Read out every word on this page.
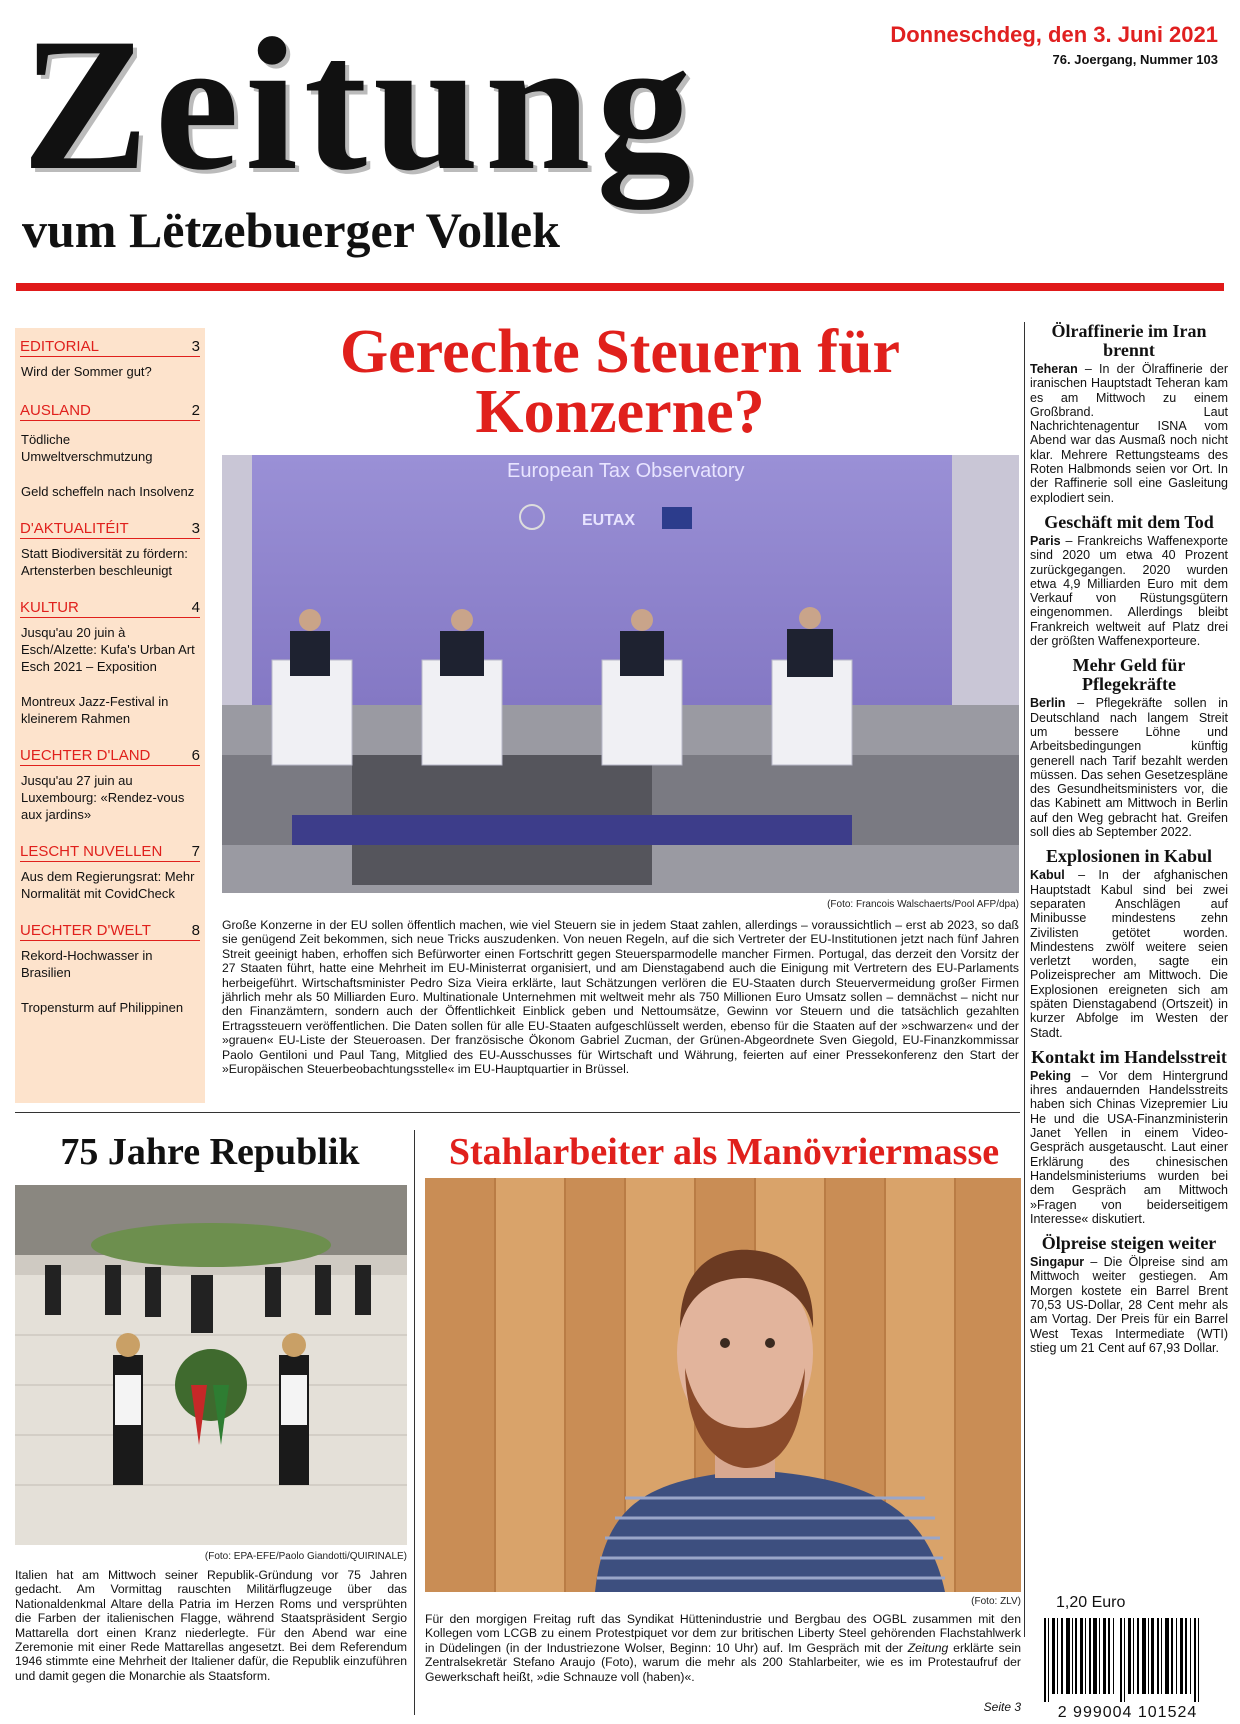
Zeitung
vum Lëtzebuerger Vollek
Donneschdeg, den 3. Juni 2021
76. Joergang, Nummer 103
EDITORIAL	3
Wird der Sommer gut?
AUSLAND	2
Tödliche Umweltverschmutzung
Geld scheffeln nach Insolvenz
D'AKTUALITÉIT	3
Statt Biodiversität zu fördern: Artensterben beschleunigt
KULTUR	4
Jusqu'au 20 juin à Esch/Alzette: Kufa's Urban Art Esch 2021 – Exposition
Montreux Jazz-Festival in kleinerem Rahmen
UECHTER D'LAND	6
Jusqu'au 27 juin au Luxembourg: «Rendez-vous aux jardins»
LESCHT NUVELLEN 7
Aus dem Regierungsrat: Mehr Normalität mit CovidCheck
UECHTER D'WELT	8
Rekord-Hochwasser in Brasilien
Tropensturm auf Philippinen
Gerechte Steuern für Konzerne?
European Tax Observatory
EUTAX
(Foto: Francois Walschaerts/Pool AFP/dpa)
Große Konzerne in der EU sollen öffentlich machen, wie viel Steuern sie in jedem Staat zahlen, allerdings – voraussichtlich – erst ab 2023, so daß sie genügend Zeit bekommen, sich neue Tricks auszudenken. Von neuen Regeln, auf die sich Vertreter der EU-Institutionen jetzt nach fünf Jahren Streit geeinigt haben, erhoffen sich Befürworter einen Fortschritt gegen Steuersparmodelle mancher Firmen. Portugal, das derzeit den Vorsitz der 27 Staaten führt, hatte eine Mehrheit im EU-Ministerrat organisiert, und am Dienstagabend auch die Einigung mit Vertretern des EU-Parlaments herbeigeführt. Wirtschaftsminister Pedro Siza Vieira erklärte, laut Schätzungen verlören die EU-Staaten durch Steuervermeidung großer Firmen jährlich mehr als 50 Milliarden Euro. Multinationale Unternehmen mit weltweit mehr als 750 Millionen Euro Umsatz sollen – demnächst – nicht nur den Finanzämtern, sondern auch der Öffentlichkeit Einblick geben und Nettoumsätze, Gewinn vor Steuern und die tatsächlich gezahlten Ertragssteuern veröffentlichen. Die Daten sollen für alle EU-Staaten aufgeschlüsselt werden, ebenso für die Staaten auf der »schwarzen« und der »grauen« EU-Liste der Steueroasen. Der französische Ökonom Gabriel Zucman, der Grünen-Abgeordnete Sven Giegold, EU-Finanzkommissar Paolo Gentiloni und Paul Tang, Mitglied des EU-Ausschusses für Wirtschaft und Währung, feierten auf einer Pressekonferenz den Start der »Europäischen Steuerbeobachtungsstelle« im EU-Hauptquartier in Brüssel.
Ölraffinerie im Iran brennt

Teheran – In der Ölraffinerie der iranischen Hauptstadt Teheran kam es am Mittwoch zu einem Großbrand. Laut Nachrichtenagentur ISNA vom Abend war das Ausmaß noch nicht klar. Mehrere Rettungsteams des Roten Halbmonds seien vor Ort. In der Raffinerie soll eine Gasleitung explodiert sein.

Geschäft mit dem Tod

Paris – Frankreichs Waffenexporte sind 2020 um etwa 40 Prozent zurückgegangen. 2020 wurden etwa 4,9 Milliarden Euro mit dem Verkauf von Rüstungsgütern eingenommen. Allerdings bleibt Frankreich weltweit auf Platz drei der größten Waffenexporteure.

Mehr Geld für Pflegekräfte

Berlin – Pflegekräfte sollen in Deutschland nach langem Streit um bessere Löhne und Arbeitsbedingungen künftig generell nach Tarif bezahlt werden müssen. Das sehen Gesetzespläne des Gesundheitsministers vor, die das Kabinett am Mittwoch in Berlin auf den Weg gebracht hat. Greifen soll dies ab September 2022.

Explosionen in Kabul

Kabul – In der afghanischen Hauptstadt Kabul sind bei zwei separaten Anschlägen auf Minibusse mindestens zehn Zivilisten getötet worden. Mindestens zwölf weitere seien verletzt worden, sagte ein Polizeisprecher am Mittwoch. Die Explosionen ereigneten sich am späten Dienstagabend (Ortszeit) in kurzer Abfolge im Westen der Stadt.

Kontakt im Handelsstreit

Peking – Vor dem Hintergrund ihres andauernden Handelsstreits haben sich Chinas Vizepremier Liu He und die USA-Finanzministerin Janet Yellen in einem Video-Gespräch ausgetauscht. Laut einer Erklärung des chinesischen Handelsministeriums wurden bei dem Gespräch am Mittwoch »Fragen von beiderseitigem Interesse« diskutiert.

Ölpreise steigen weiter

Singapur – Die Ölpreise sind am Mittwoch weiter gestiegen. Am Morgen kostete ein Barrel Brent 70,53 US-Dollar, 28 Cent mehr als am Vortag. Der Preis für ein Barrel West Texas Intermediate (WTI) stieg um 21 Cent auf 67,93 Dollar.

1,20 Euro
2 999004 101524
75 Jahre Republik
(Foto: EPA-EFE/Paolo Giandotti/QUIRINALE)
Italien hat am Mittwoch seiner Republik-Gründung vor 75 Jahren gedacht. Am Vormittag rauschten Militärflugzeuge über das Nationaldenkmal Altare della Patria im Herzen Roms und versprühten die Farben der italienischen Flagge, während Staatspräsident Sergio Mattarella dort einen Kranz niederlegte. Für den Abend war eine Zeremonie mit einer Rede Mattarellas angesetzt. Bei dem Referendum 1946 stimmte eine Mehrheit der Italiener dafür, die Republik einzuführen und damit gegen die Monarchie als Staatsform.
Stahlarbeiter als Manövriermasse
(Foto: ZLV)
Für den morgigen Freitag ruft das Syndikat Hüttenindustrie und Bergbau des OGBL zusammen mit den Kollegen vom LCGB zu einem Protestpiquet vor dem zur britischen Liberty Steel gehörenden Flachstahlwerk in Düdelingen (in der Industriezone Wolser, Beginn: 10 Uhr) auf. Im Gespräch mit der Zeitung erklärte sein Zentralsekretär Stefano Araujo (Foto), warum die mehr als 200 Stahlarbeiter, wie es im Protestaufruf der Gewerkschaft heißt, »die Schnauze voll (haben)«.
Seite 3
